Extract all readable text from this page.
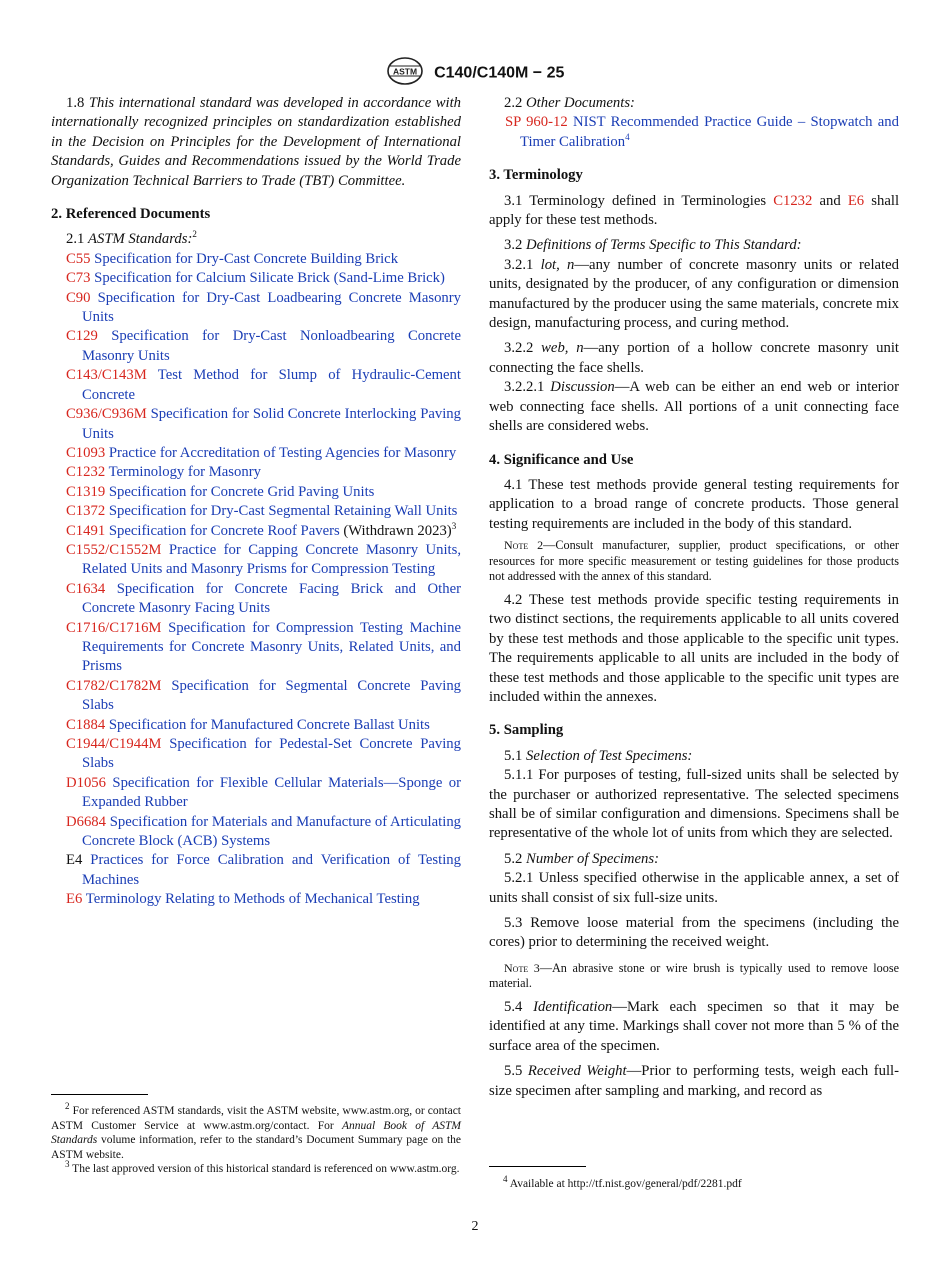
ASTM C140/C140M − 25

1.8 This international standard was developed in accordance with internationally recognized principles on standardization established in the Decision on Principles for the Development of International Standards, Guides and Recommendations issued by the World Trade Organization Technical Barriers to Trade (TBT) Committee.

2. Referenced Documents

2.1 ASTM Standards:$^2$

C55 Specification for Dry-Cast Concrete Building Brick

C73 Specification for Calcium Silicate Brick (Sand-Lime Brick)

C90 Specification for Dry-Cast Loadbearing Concrete Masonry Units

C129 Specification for Dry-Cast Nonloadbearing Concrete Masonry Units

C143/C143M Test Method for Slump of Hydraulic-Cement Concrete

C936/C936M Specification for Solid Concrete Interlocking Paving Units

C1093 Practice for Accreditation of Testing Agencies for Masonry

C1232 Terminology for Masonry

C1319 Specification for Concrete Grid Paving Units

C1372 Specification for Dry-Cast Segmental Retaining Wall Units

C1491 Specification for Concrete Roof Pavers (Withdrawn 2023)$^3$

C1552/C1552M Practice for Capping Concrete Masonry Units, Related Units and Masonry Prisms for Compression Testing

C1634 Specification for Concrete Facing Brick and Other Concrete Masonry Facing Units

C1716/C1716M Specification for Compression Testing Machine Requirements for Concrete Masonry Units, Related Units, and Prisms

C1782/C1782M Specification for Segmental Concrete Paving Slabs

C1884 Specification for Manufactured Concrete Ballast Units

C1944/C1944M Specification for Pedestal-Set Concrete Paving Slabs

D1056 Specification for Flexible Cellular Materials—Sponge or Expanded Rubber

D6684 Specification for Materials and Manufacture of Articulating Concrete Block (ACB) Systems

E4 Practices for Force Calibration and Verification of Testing Machines

E6 Terminology Relating to Methods of Mechanical Testing

2.2 Other Documents:

SP 960-12 NIST Recommended Practice Guide – Stopwatch and Timer Calibration$^4$

3. Terminology

3.1 Terminology defined in Terminologies C1232 and E6 shall apply for these test methods.

3.2 Definitions of Terms Specific to This Standard:

3.2.1 lot, n—any number of concrete masonry units or related units, designated by the producer, of any configuration or dimension manufactured by the producer using the same materials, concrete mix design, manufacturing process, and curing method.

3.2.2 web, n—any portion of a hollow concrete masonry unit connecting the face shells.

3.2.2.1 Discussion—A web can be either an end web or interior web connecting face shells. All portions of a unit connecting face shells are considered webs.

4. Significance and Use

4.1 These test methods provide general testing requirements for application to a broad range of concrete products. Those general testing requirements are included in the body of this standard.

Note 2—Consult manufacturer, supplier, product specifications, or other resources for more specific measurement or testing guidelines for those products not addressed with the annex of this standard.

4.2 These test methods provide specific testing requirements in two distinct sections, the requirements applicable to all units covered by these test methods and those applicable to the specific unit types. The requirements applicable to all units are included in the body of these test methods and those applicable to the specific unit types are included within the annexes.

5. Sampling

5.1 Selection of Test Specimens:

5.1.1 For purposes of testing, full-sized units shall be selected by the purchaser or authorized representative. The selected specimens shall be of similar configuration and dimensions. Specimens shall be representative of the whole lot of units from which they are selected.

5.2 Number of Specimens:

5.2.1 Unless specified otherwise in the applicable annex, a set of units shall consist of six full-size units.

5.3 Remove loose material from the specimens (including the cores) prior to determining the received weight.

Note 3—An abrasive stone or wire brush is typically used to remove loose material.

5.4 Identification—Mark each specimen so that it may be identified at any time. Markings shall cover not more than 5 % of the surface area of the specimen.

5.5 Received Weight—Prior to performing tests, weigh each full-size specimen after sampling and marking, and record as

$^2$ For referenced ASTM standards, visit the ASTM website, www.astm.org, or contact ASTM Customer Service at www.astm.org/contact. For Annual Book of ASTM Standards volume information, refer to the standard’s Document Summary page on the ASTM website.

$^3$ The last approved version of this historical standard is referenced on www.astm.org.

$^4$ Available at http://tf.nist.gov/general/pdf/2281.pdf

2
